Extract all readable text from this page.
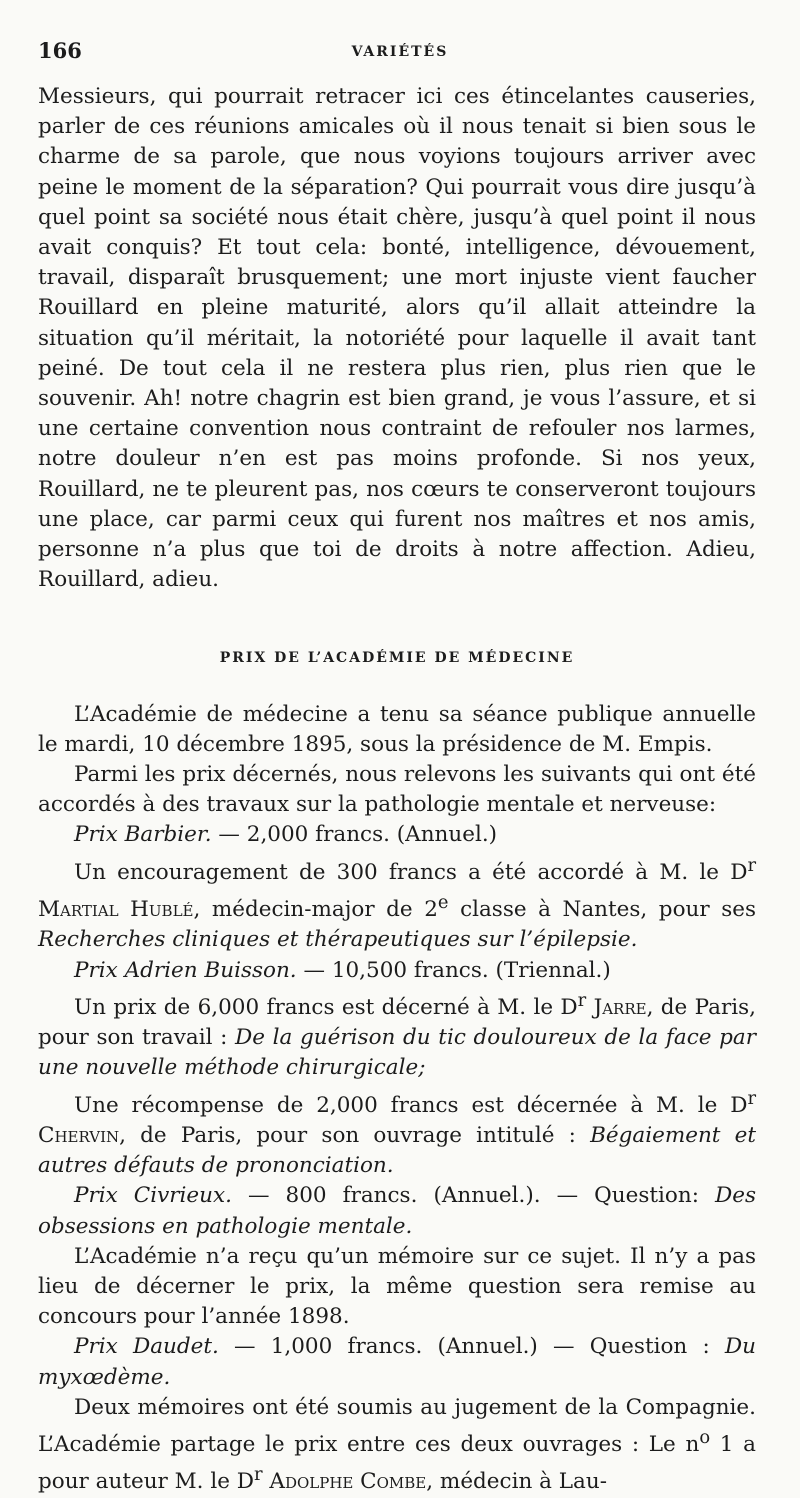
166	VARIÉTÉS

Messieurs, qui pourrait retracer ici ces étincelantes causeries, parler de ces réunions amicales où il nous tenait si bien sous le charme de sa parole, que nous voyions toujours arriver avec peine le moment de la séparation? Qui pourrait vous dire jusqu’à quel point sa société nous était chère, jusqu’à quel point il nous avait conquis? Et tout cela: bonté, intelligence, dévouement, travail, disparaît brusquement; une mort injuste vient faucher Rouillard en pleine maturité, alors qu’il allait atteindre la situation qu’il méritait, la notoriété pour laquelle il avait tant peiné. De tout cela il ne restera plus rien, plus rien que le souvenir. Ah! notre chagrin est bien grand, je vous l’assure, et si une certaine convention nous contraint de refouler nos larmes, notre douleur n’en est pas moins profonde. Si nos yeux, Rouillard, ne te pleurent pas, nos cœurs te conserveront toujours une place, car parmi ceux qui furent nos maîtres et nos amis, personne n’a plus que toi de droits à notre affection. Adieu, Rouillard, adieu.

PRIX DE L’ACADÉMIE DE MÉDECINE

L’Académie de médecine a tenu sa séance publique annuelle le mardi, 10 décembre 1895, sous la présidence de M. Empis.

Parmi les prix décernés, nous relevons les suivants qui ont été accordés à des travaux sur la pathologie mentale et nerveuse:

Prix Barbier. — 2,000 francs. (Annuel.)

Un encouragement de 300 francs a été accordé à M. le $D^r$ Martial Hublé, médecin-major de 2e classe à Nantes, pour ses Recherches cliniques et thérapeutiques sur l’épilepsie.

Prix Adrien Buisson. — 10,500 francs. (Triennal.)

Un prix de 6,000 francs est décerné à M. le $D^r$ Jarre, de Paris, pour son travail : De la guérison du tic douloureux de la face par une nouvelle méthode chirurgicale;

Une récompense de 2,000 francs est décernée à M. le $D^r$ Chervin, de Paris, pour son ouvrage intitulé : Bégaiement et autres défauts de prononciation.

Prix Civrieux. — 800 francs. (Annuel.). — Question: Des obsessions en pathologie mentale.

L’Académie n’a reçu qu’un mémoire sur ce sujet. Il n’y a pas lieu de décerner le prix, la même question sera remise au concours pour l’année 1898.

Prix Daudet. — 1,000 francs. (Annuel.) — Question : Du myxœdème.

Deux mémoires ont été soumis au jugement de la Compagnie. L’Académie partage le prix entre ces deux ouvrages : Le $n^o$ 1 a pour auteur M. le $D^r$ Adolphe Combe, médecin à Lau-
